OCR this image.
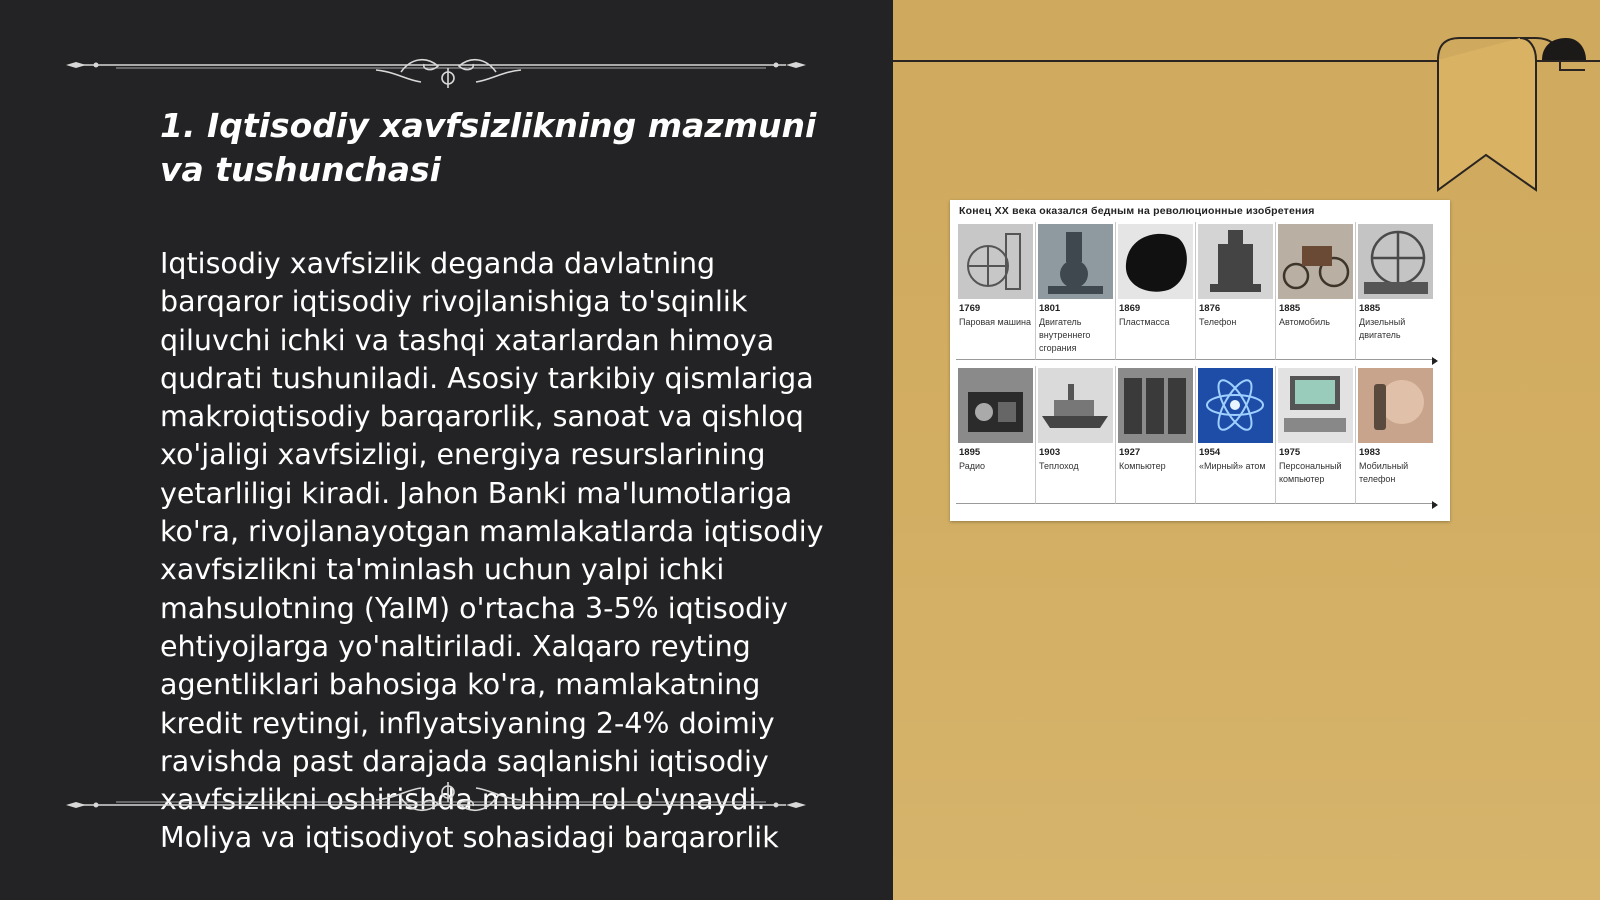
1. Iqtisodiy xavfsizlikning mazmuni va tushunchasi

Iqtisodiy xavfsizlik deganda davlatning barqaror iqtisodiy rivojlanishiga to'sqinlik qiluvchi ichki va tashqi xatarlardan himoya qudrati tushuniladi. Asosiy tarkibiy qismlariga makroiqtisodiy barqarorlik, sanoat va qishloq xo'jaligi xavfsizligi, energiya resurslarining yetarliligi kiradi. Jahon Banki ma'lumotlariga ko'ra, rivojlanayotgan mamlakatlarda iqtisodiy xavfsizlikni ta'minlash uchun yalpi ichki mahsulotning (YaIM) o'rtacha 3-5% iqtisodiy ehtiyojlarga yo'naltiriladi. Xalqaro reyting agentliklari bahosiga ko'ra, mamlakatning kredit reytingi, inflyatsiyaning 2-4% doimiy ravishda past darajada saqlanishi iqtisodiy xavfsizlikni oshirishda muhim rol o'ynaydi. Moliya va iqtisodiyot sohasidagi barqarorlik

Конец XX века оказался бедным на революционные изобретения
1769
Паровая машина
1801
Двигатель внутреннего сгорания
1869
Пластмасса
1876
Телефон
1885
Автомобиль
1885
Дизельный двигатель
1895
Радио
1903
Теплоход
1927
Компьютер
1954
«Мирный» атом
1975
Персональный компьютер
1983
Мобильный телефон
